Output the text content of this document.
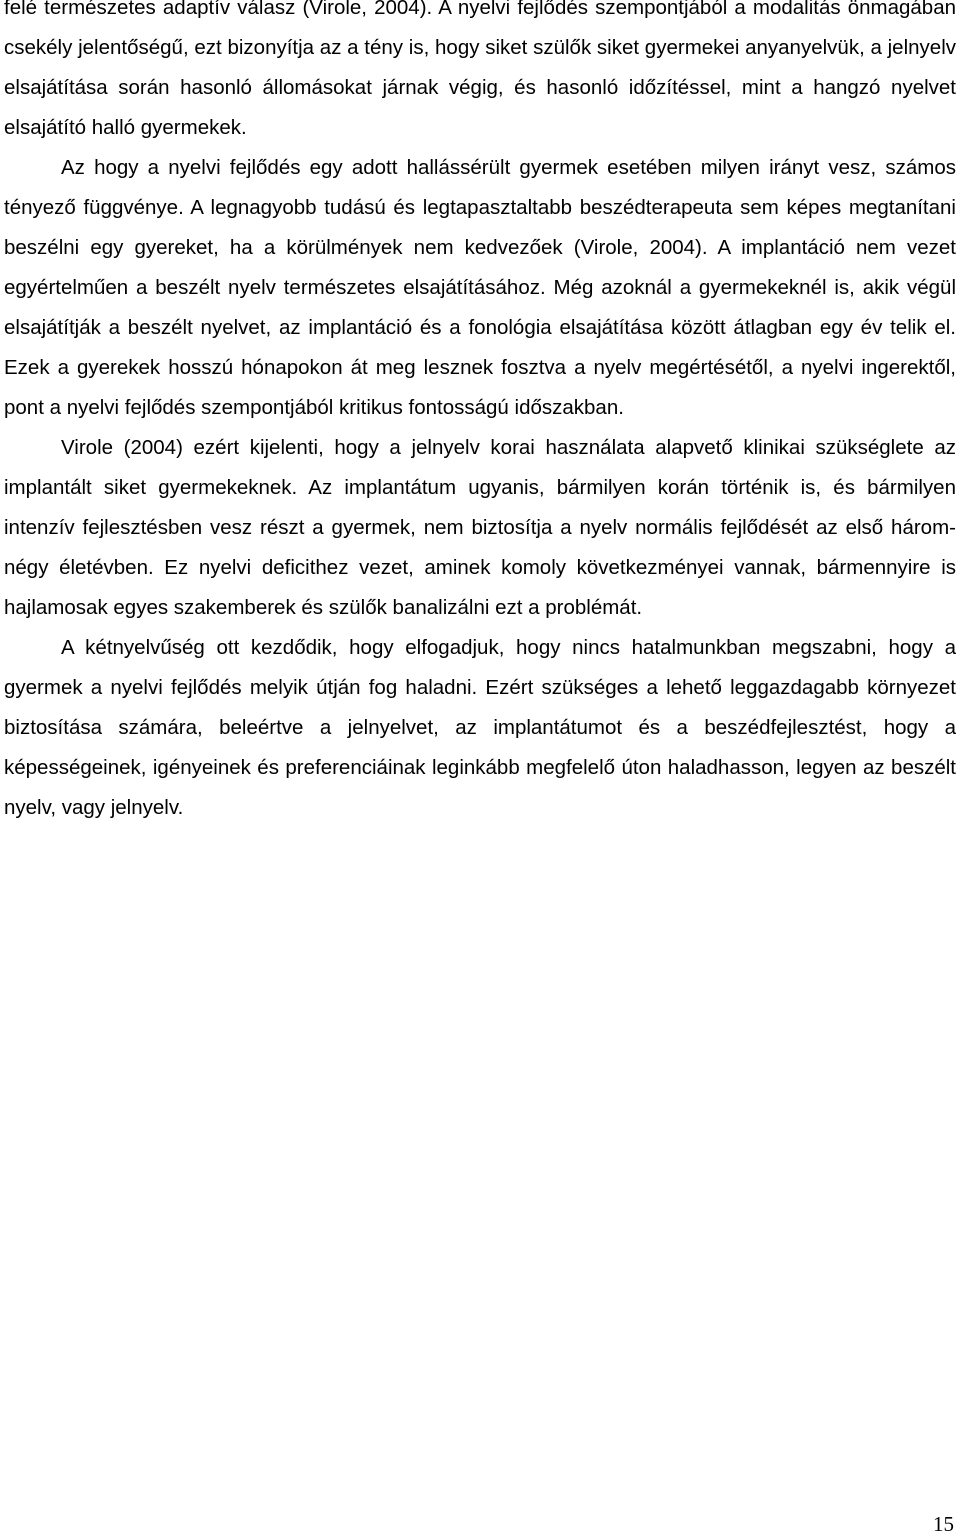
felé természetes adaptív válasz (Virole, 2004). A nyelvi fejlődés szempontjából a modalitás önmagában csekély jelentőségű, ezt bizonyítja az a tény is, hogy siket szülők siket gyermekei anyanyelvük, a jelnyelv elsajátítása során hasonló állomásokat járnak végig, és hasonló időzítéssel, mint a hangzó nyelvet elsajátító halló gyermekek.

Az hogy a nyelvi fejlődés egy adott hallássérült gyermek esetében milyen irányt vesz, számos tényező függvénye. A legnagyobb tudású és legtapasztaltabb beszédterapeuta sem képes megtanítani beszélni egy gyereket, ha a körülmények nem kedvezőek (Virole, 2004). A implantáció nem vezet egyértelműen a beszélt nyelv természetes elsajátításához. Még azoknál a gyermekeknél is, akik végül elsajátítják a beszélt nyelvet, az implantáció és a fonológia elsajátítása között átlagban egy év telik el. Ezek a gyerekek hosszú hónapokon át meg lesznek fosztva a nyelv megértésétől, a nyelvi ingerektől, pont a nyelvi fejlődés szempontjából kritikus fontosságú időszakban.

Virole (2004) ezért kijelenti, hogy a jelnyelv korai használata alapvető klinikai szükséglete az implantált siket gyermekeknek. Az implantátum ugyanis, bármilyen korán történik is, és bármilyen intenzív fejlesztésben vesz részt a gyermek, nem biztosítja a nyelv normális fejlődését az első három-négy életévben. Ez nyelvi deficithez vezet, aminek komoly következményei vannak, bármennyire is hajlamosak egyes szakemberek és szülők banalizálni ezt a problémát.

A kétnyelvűség ott kezdődik, hogy elfogadjuk, hogy nincs hatalmunkban megszabni, hogy a gyermek a nyelvi fejlődés melyik útján fog haladni. Ezért szükséges a lehető leggazdagabb környezet biztosítása számára, beleértve a jelnyelvet, az implantátumot és a beszédfejlesztést, hogy a képességeinek, igényeinek és preferenciáinak leginkább megfelelő úton haladhasson, legyen az beszélt nyelv, vagy jelnyelv.

15
